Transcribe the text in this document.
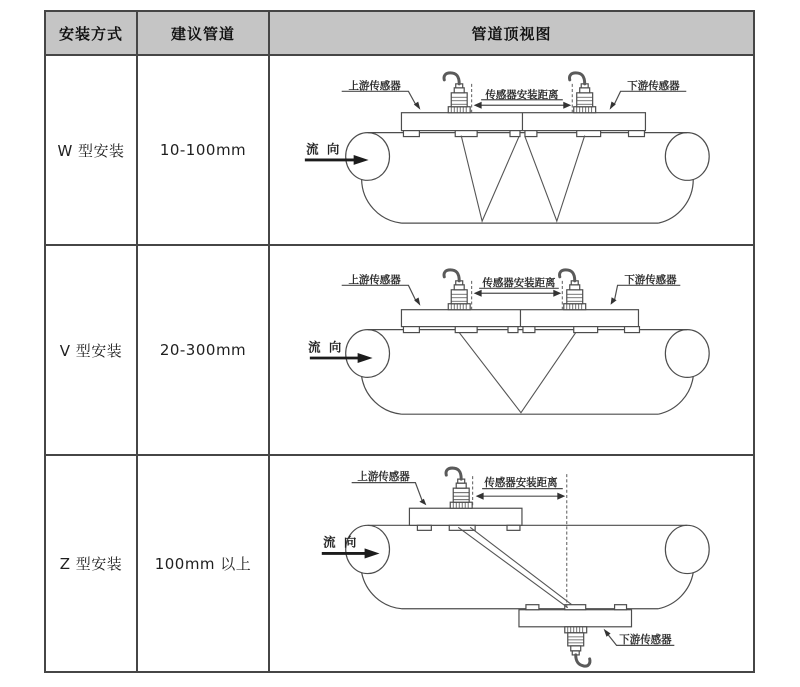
安装方式	建议管道	管道顶视图
W 型安装	10-100mm
上游传感器
传感器安装距离
下游传感器
流 向
V 型安装	20-300mm
上游传感器	传感器安装距离	下游传感器
流 向
Z 型安装	100mm 以上
上游传感器
传感器安装距离
下游传感器
流 向
